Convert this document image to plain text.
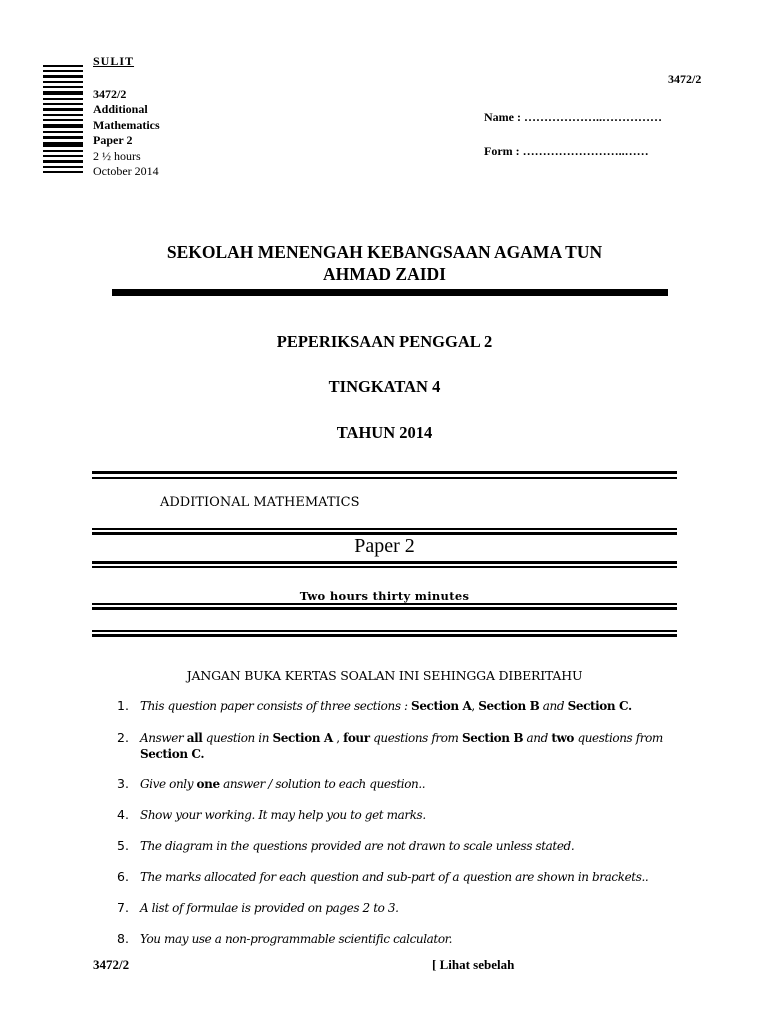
SULIT
3472/2
Additional
Mathematics
Paper 2
2 ½ hours
October 2014
3472/2
Name : ………………..……………
Form : ……………………..……
SEKOLAH MENENGAH KEBANGSAAN AGAMA TUN
AHMAD ZAIDI
PEPERIKSAAN PENGGAL 2
TINGKATAN 4
TAHUN 2014
ADDITIONAL MATHEMATICS
Paper 2
Two hours thirty minutes
JANGAN BUKA KERTAS SOALAN INI SEHINGGA DIBERITAHU
1. This question paper consists of three sections : Section A, Section B and Section C.
2. Answer all question in Section A , four questions from Section B and two questions from Section C.
3. Give only one answer / solution to each question..
4. Show your working. It may help you to get marks.
5. The diagram in the questions provided are not drawn to scale unless stated.
6. The marks allocated for each question and sub-part of a question are shown in brackets..
7. A list of formulae is provided on pages 2 to 3.
8. You may use a non-programmable scientific calculator.
3472/2	[ Lihat sebelah
